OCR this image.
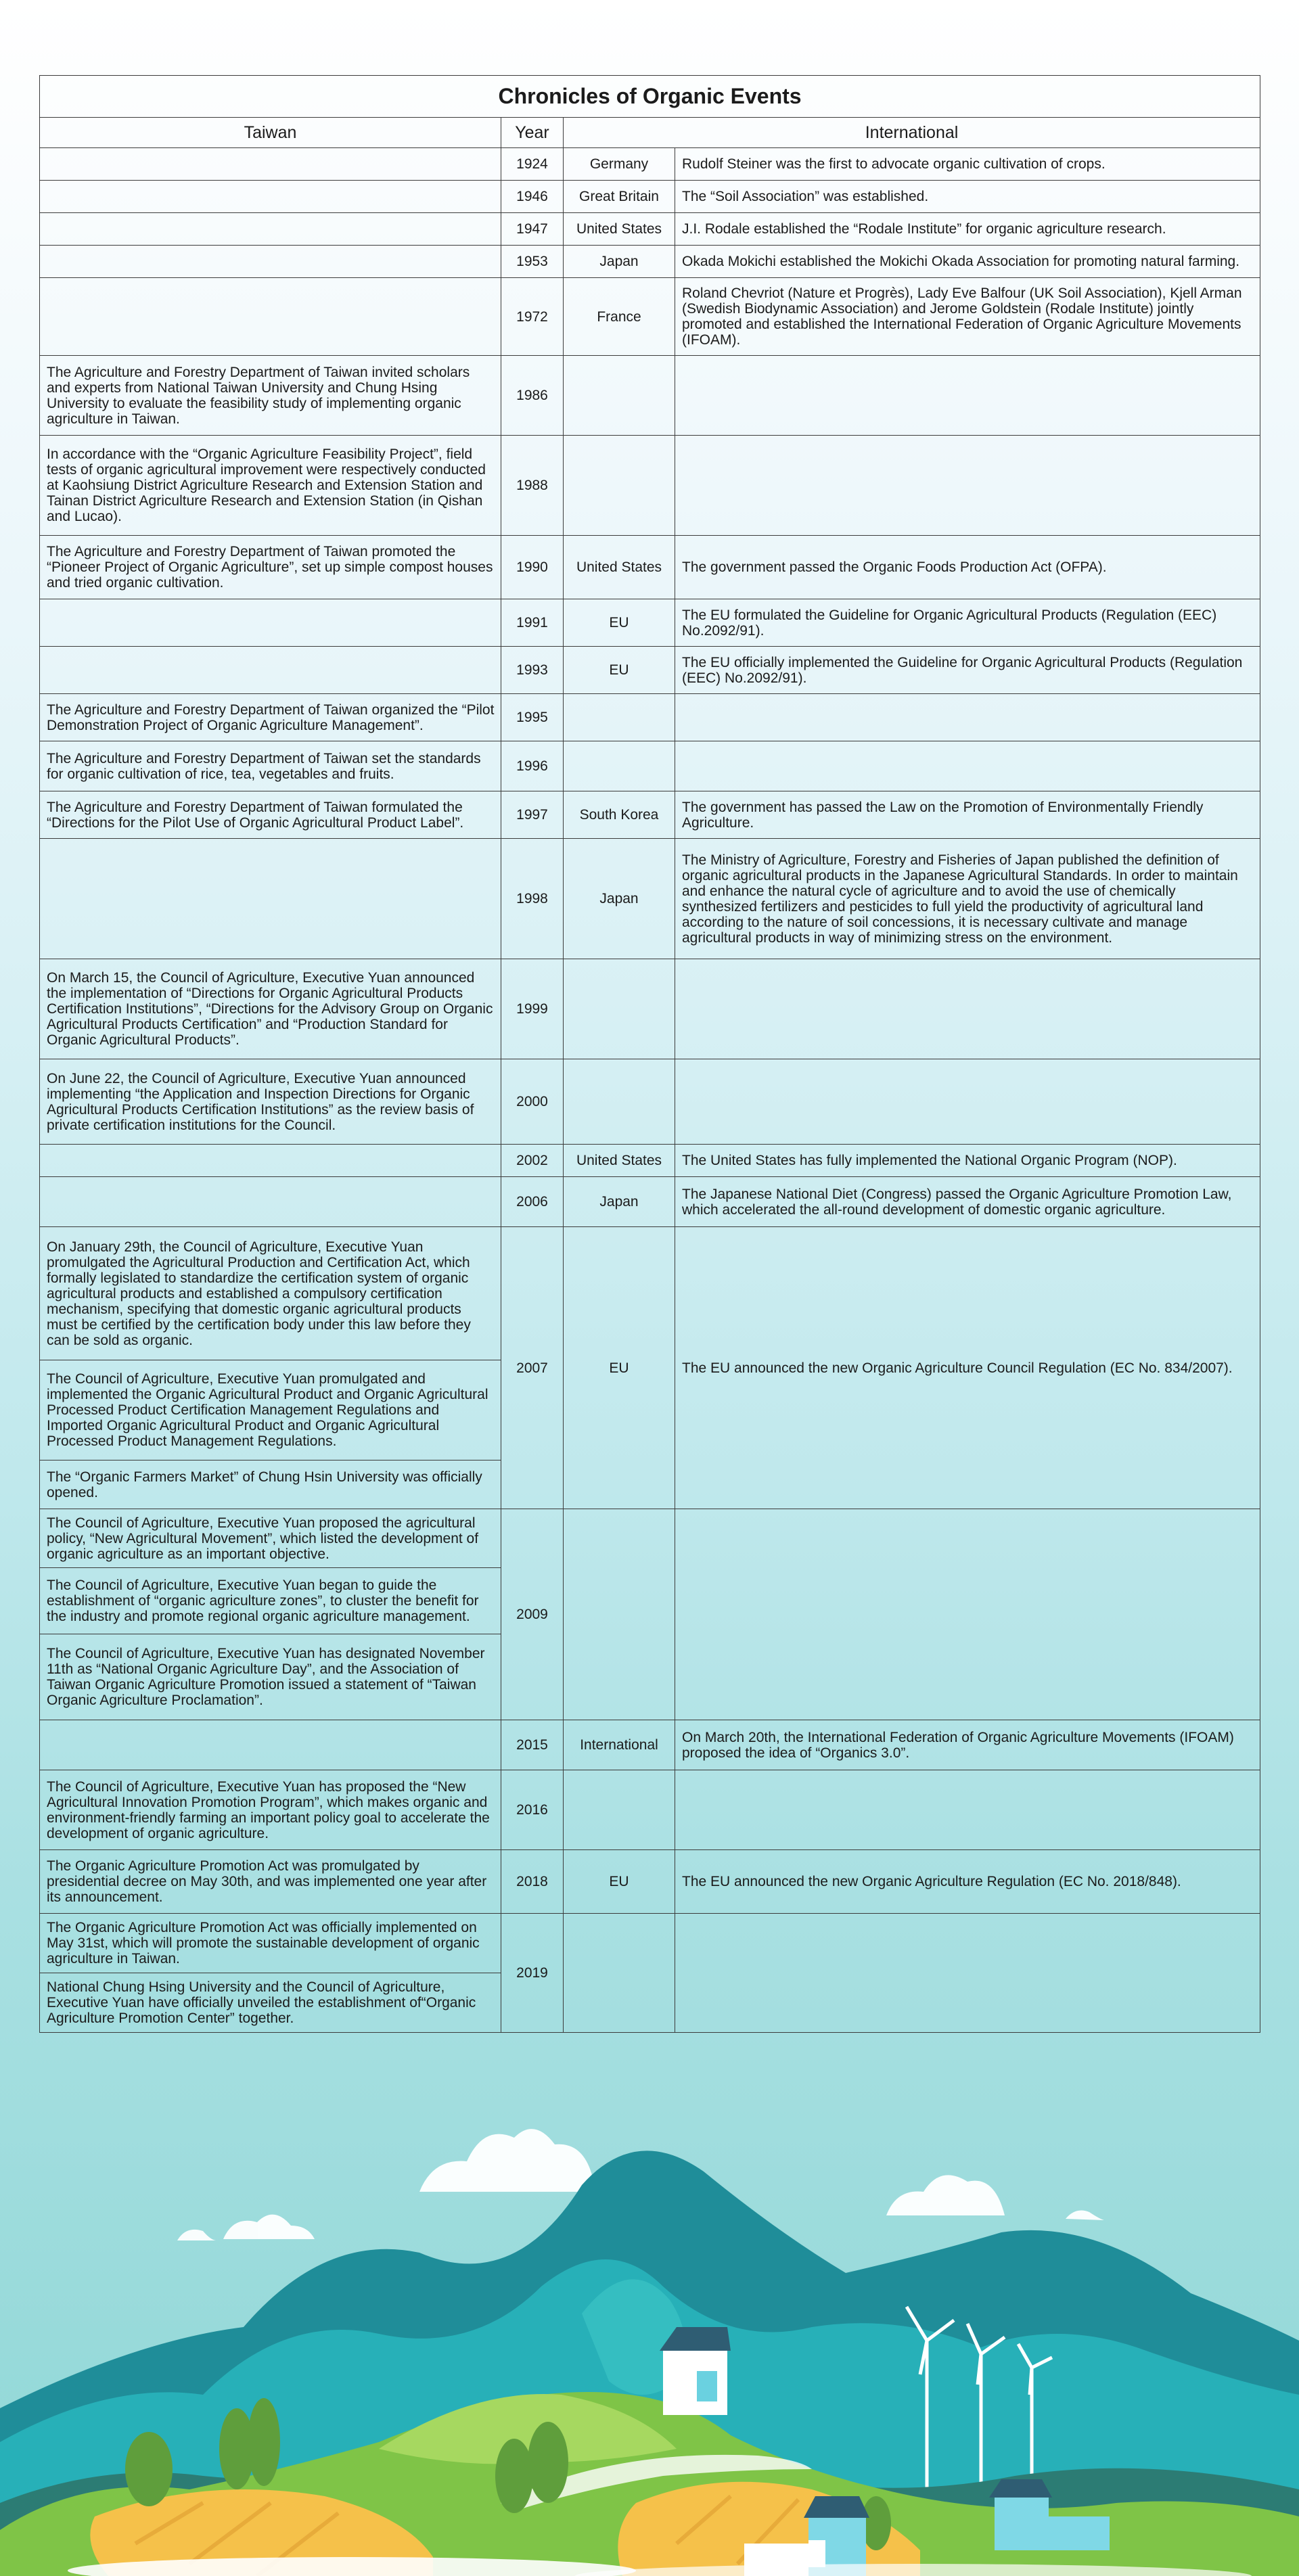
Chronicles of Organic Events			
Taiwan	Year	International	
	1924	Germany	Rudolf Steiner was the first to advocate organic cultivation of crops.
	1946	Great Britain	The “Soil Association” was established.
	1947	United States	J.I. Rodale established the “Rodale Institute” for organic agriculture research.
	1953	Japan	Okada Mokichi established the Mokichi Okada Association for promoting natural farming.
	1972	France	Roland Chevriot (Nature et Progrès), Lady Eve Balfour (UK Soil Association), Kjell Arman (Swedish Biodynamic Association) and Jerome Goldstein (Rodale Institute) jointly promoted and established the International Federation of Organic Agriculture Movements (IFOAM).
The Agriculture and Forestry Department of Taiwan invited scholars and experts from National Taiwan University and Chung Hsing University to evaluate the feasibility study of implementing organic agriculture in Taiwan.	1986		
In accordance with the “Organic Agriculture Feasibility Project”, field tests of organic agricultural improvement were respectively conducted at Kaohsiung District Agriculture Research and Extension Station and Tainan District Agriculture Research and Extension Station (in Qishan and Lucao).	1988		
The Agriculture and Forestry Department of Taiwan promoted the “Pioneer Project of Organic Agriculture”, set up simple compost houses and tried organic cultivation.	1990	United States	The government passed the Organic Foods Production Act (OFPA).
	1991	EU	The EU formulated the Guideline for Organic Agricultural Products (Regulation (EEC) No.2092/91).
	1993	EU	The EU officially implemented the Guideline for Organic Agricultural Products (Regulation (EEC) No.2092/91).
The Agriculture and Forestry Department of Taiwan organized the “Pilot Demonstration Project of Organic Agriculture Management”.	1995		
The Agriculture and Forestry Department of Taiwan set the standards for organic cultivation of rice, tea, vegetables and fruits.	1996		
The Agriculture and Forestry Department of Taiwan formulated the “Directions for the Pilot Use of Organic Agricultural Product Label”.	1997	South Korea	The government has passed the Law on the Promotion of Environmentally Friendly Agriculture.
	1998	Japan	The Ministry of Agriculture, Forestry and Fisheries of Japan published the definition of organic agricultural products in the Japanese Agricultural Standards. In order to maintain and enhance the natural cycle of agriculture and to avoid the use of chemically synthesized fertilizers and pesticides to full yield the productivity of agricultural land according to the nature of soil concessions, it is necessary cultivate and manage agricultural products in way of minimizing stress on the environment.
On March 15, the Council of Agriculture, Executive Yuan announced the implementation of “Directions for Organic Agricultural Products Certification Institutions”, “Directions for the Advisory Group on Organic Agricultural Products Certification” and “Production Standard for Organic Agricultural Products”.	1999		
On June 22, the Council of Agriculture, Executive Yuan announced implementing “the Application and Inspection Directions for Organic Agricultural Products Certification Institutions” as the review basis of private certification institutions for the Council.	2000		
	2002	United States	The United States has fully implemented the National Organic Program (NOP).
	2006	Japan	The Japanese National Diet (Congress) passed the Organic Agriculture Promotion Law, which accelerated the all-round development of domestic organic agriculture.
On January 29th, the Council of Agriculture, Executive Yuan promulgated the Agricultural Production and Certification Act, which formally legislated to standardize the certification system of organic agricultural products and established a compulsory certification mechanism, specifying that domestic organic agricultural products must be certified by the certification body under this law before they can be sold as organic.	2007	EU	The EU announced the new Organic Agriculture Council Regulation (EC No. 834/2007).
The Council of Agriculture, Executive Yuan promulgated and implemented the Organic Agricultural Product and Organic Agricultural Processed Product Certification Management Regulations and Imported Organic Agricultural Product and Organic Agricultural Processed Product Management Regulations.			
The “Organic Farmers Market” of Chung Hsin University was officially opened.			
The Council of Agriculture, Executive Yuan proposed the agricultural policy, “New Agricultural Movement”, which listed the development of organic agriculture as an important objective.	2009		
The Council of Agriculture, Executive Yuan began to guide the establishment of “organic agriculture zones”, to cluster the benefit for the industry and promote regional organic agriculture management.			
The Council of Agriculture, Executive Yuan has designated November 11th as “National Organic Agriculture Day”, and the Association of Taiwan Organic Agriculture Promotion issued a statement of “Taiwan Organic Agriculture Proclamation”.			
	2015	International	On March 20th, the International Federation of Organic Agriculture Movements (IFOAM) proposed the idea of “Organics 3.0”.
The Council of Agriculture, Executive Yuan has proposed the “New Agricultural Innovation Promotion Program”, which makes organic and environment-friendly farming an important policy goal to accelerate the development of organic agriculture.	2016		
The Organic Agriculture Promotion Act was promulgated by presidential decree on May 30th, and was implemented one year after its announcement.	2018	EU	The EU announced the new Organic Agriculture Regulation (EC No. 2018/848).
The Organic Agriculture Promotion Act was officially implemented on May 31st, which will promote the sustainable development of organic agriculture in Taiwan.	2019		
National Chung Hsing University and the Council of Agriculture, Executive Yuan have officially unveiled the establishment of“Organic Agriculture Promotion Center” together.			
